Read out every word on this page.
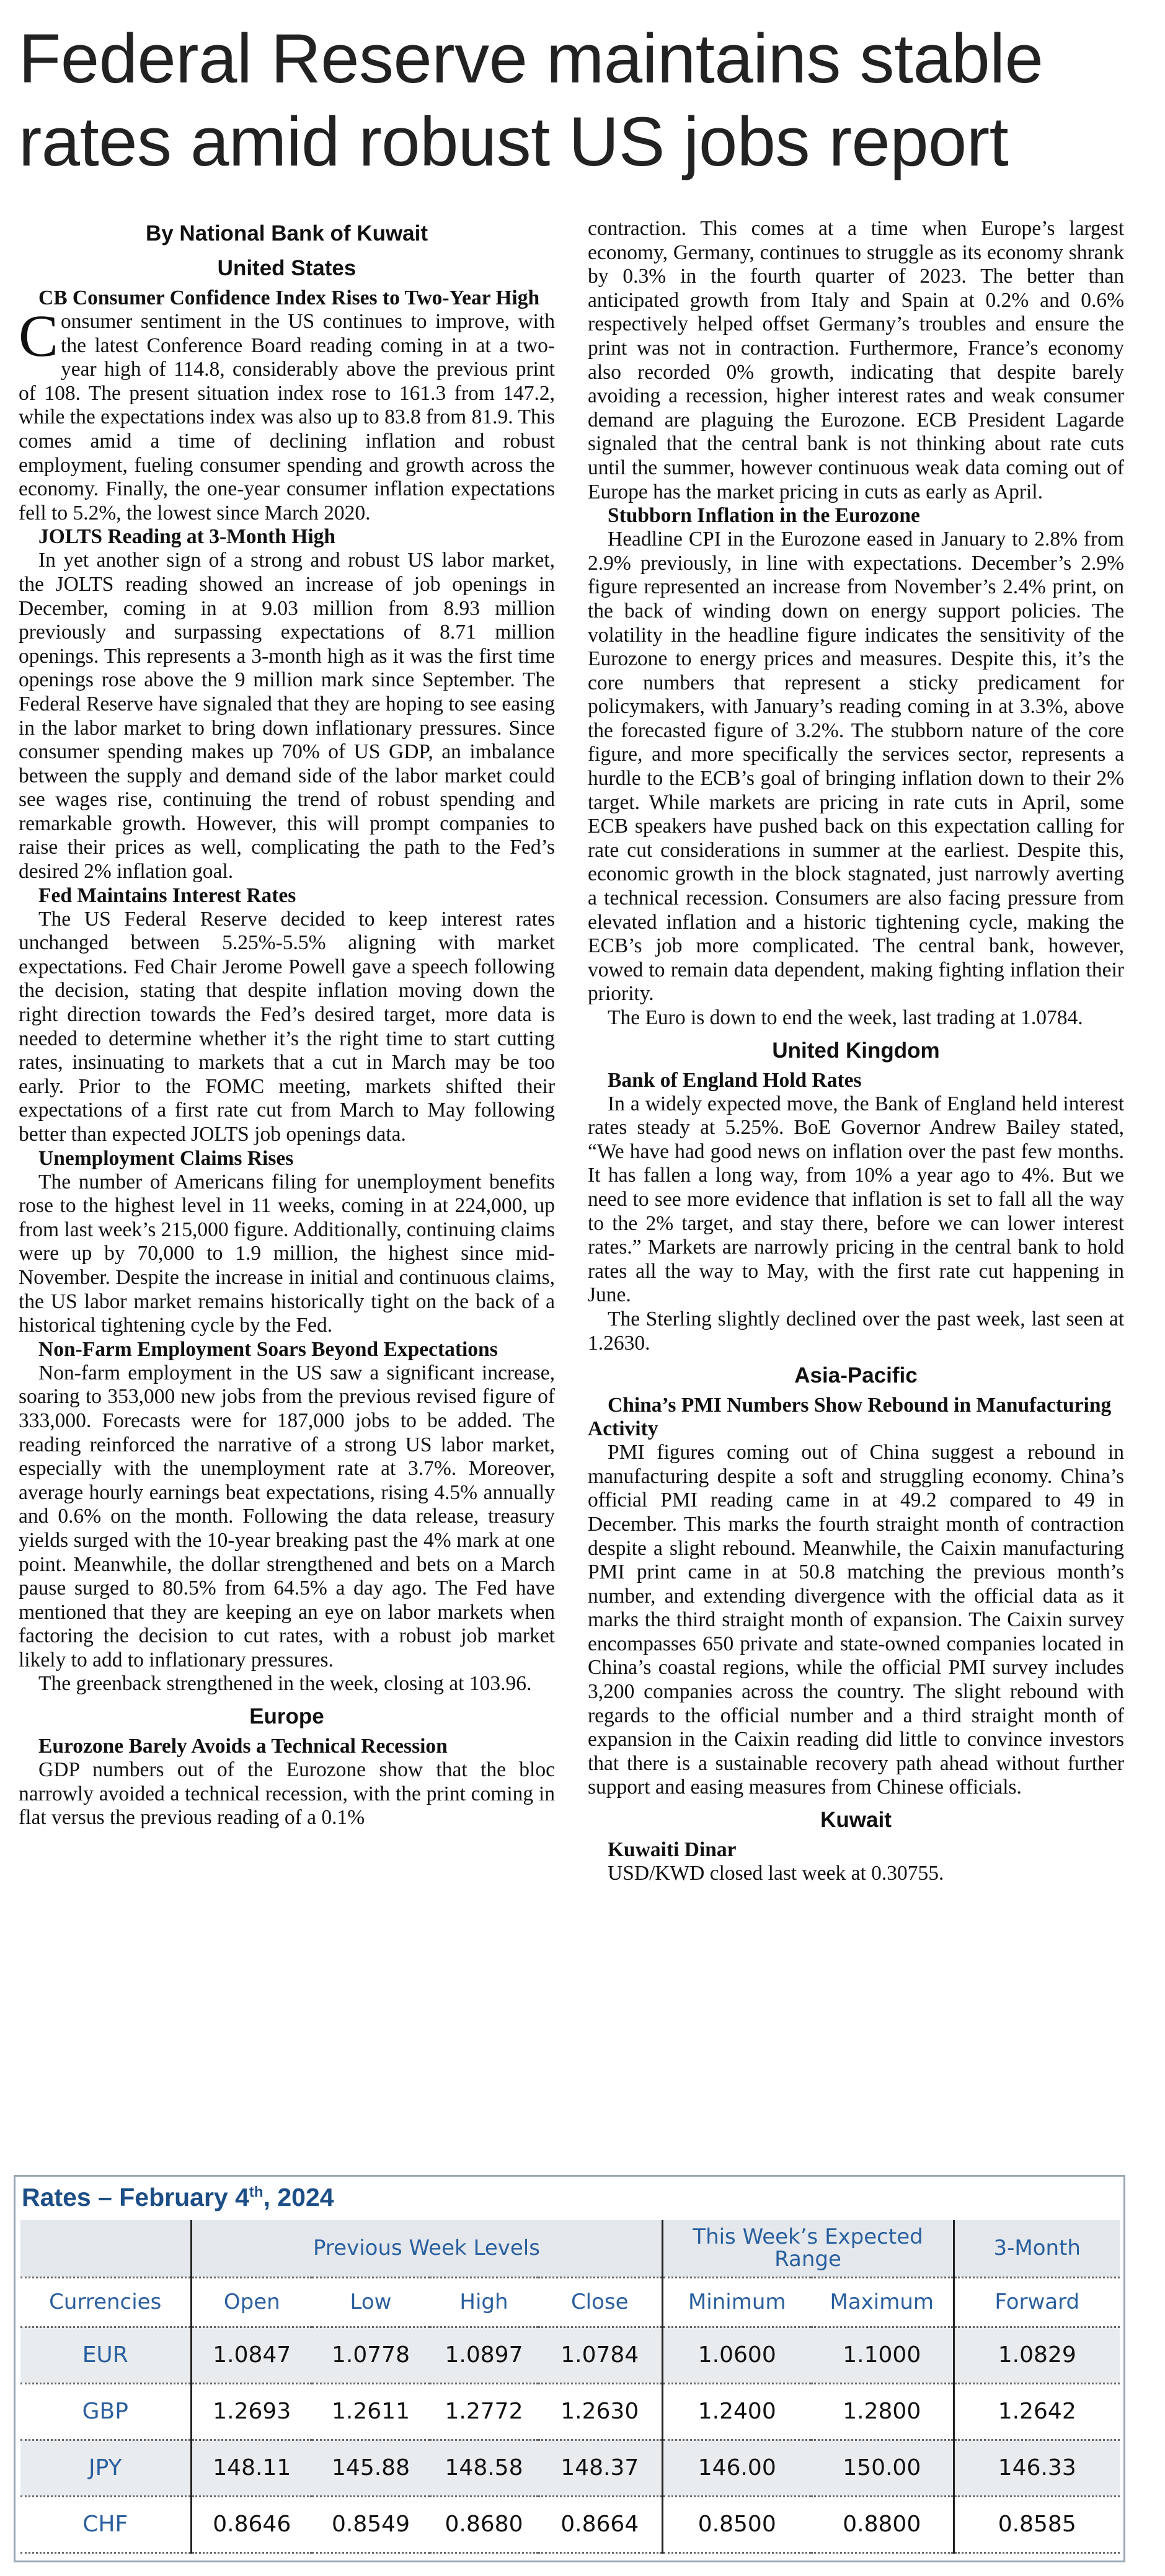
Federal Reserve maintains stable rates amid robust US jobs report
By National Bank of Kuwait
United States
CB Consumer Confidence Index Rises to Two-Year High

Consumer sentiment in the US continues to improve, with the latest Conference Board reading coming in at a two-year high of 114.8, considerably above the previous print of 108. The present situation index rose to 161.3 from 147.2, while the expectations index was also up to 83.8 from 81.9. This comes amid a time of declining inflation and robust employment, fueling consumer spending and growth across the economy. Finally, the one-year consumer inflation expectations fell to 5.2%, the lowest since March 2020.

JOLTS Reading at 3-Month High

In yet another sign of a strong and robust US labor market, the JOLTS reading showed an increase of job openings in December, coming in at 9.03 million from 8.93 million previously and surpassing expectations of 8.71 million openings. This represents a 3-month high as it was the first time openings rose above the 9 million mark since September. The Federal Reserve have signaled that they are hoping to see easing in the labor market to bring down inflationary pressures. Since consumer spending makes up 70% of US GDP, an imbalance between the supply and demand side of the labor market could see wages rise, continuing the trend of robust spending and remarkable growth. However, this will prompt companies to raise their prices as well, complicating the path to the Fed’s desired 2% inflation goal.

Fed Maintains Interest Rates

The US Federal Reserve decided to keep interest rates unchanged between 5.25%-5.5% aligning with market expectations. Fed Chair Jerome Powell gave a speech following the decision, stating that despite inflation moving down the right direction towards the Fed’s desired target, more data is needed to determine whether it’s the right time to start cutting rates, insinuating to markets that a cut in March may be too early. Prior to the FOMC meeting, markets shifted their expectations of a first rate cut from March to May following better than expected JOLTS job openings data.

Unemployment Claims Rises

The number of Americans filing for unemployment benefits rose to the highest level in 11 weeks, coming in at 224,000, up from last week’s 215,000 figure. Additionally, continuing claims were up by 70,000 to 1.9 million, the highest since mid-November. Despite the increase in initial and continuous claims, the US labor market remains historically tight on the back of a historical tightening cycle by the Fed.

Non-Farm Employment Soars Beyond Expectations

Non-farm employment in the US saw a significant increase, soaring to 353,000 new jobs from the previous revised figure of 333,000. Forecasts were for 187,000 jobs to be added. The reading reinforced the narrative of a strong US labor market, especially with the unemployment rate at 3.7%. Moreover, average hourly earnings beat expectations, rising 4.5% annually and 0.6% on the month. Following the data release, treasury yields surged with the 10-year breaking past the 4% mark at one point. Meanwhile, the dollar strengthened and bets on a March pause surged to 80.5% from 64.5% a day ago. The Fed have mentioned that they are keeping an eye on labor markets when factoring the decision to cut rates, with a robust job market likely to add to inflationary pressures.

The greenback strengthened in the week, closing at 103.96.

Europe
Eurozone Barely Avoids a Technical Recession

GDP numbers out of the Eurozone show that the bloc narrowly avoided a technical recession, with the print coming in flat versus the previous reading of a 0.1%

contraction. This comes at a time when Europe’s largest economy, Germany, continues to struggle as its economy shrank by 0.3% in the fourth quarter of 2023. The better than anticipated growth from Italy and Spain at 0.2% and 0.6% respectively helped offset Germany’s troubles and ensure the print was not in contraction. Furthermore, France’s economy also recorded 0% growth, indicating that despite barely avoiding a recession, higher interest rates and weak consumer demand are plaguing the Eurozone. ECB President Lagarde signaled that the central bank is not thinking about rate cuts until the summer, however continuous weak data coming out of Europe has the market pricing in cuts as early as April.

Stubborn Inflation in the Eurozone

Headline CPI in the Eurozone eased in January to 2.8% from 2.9% previously, in line with expectations. December’s 2.9% figure represented an increase from November’s 2.4% print, on the back of winding down on energy support policies. The volatility in the headline figure indicates the sensitivity of the Eurozone to energy prices and measures. Despite this, it’s the core numbers that represent a sticky predicament for policymakers, with January’s reading coming in at 3.3%, above the forecasted figure of 3.2%. The stubborn nature of the core figure, and more specifically the services sector, represents a hurdle to the ECB’s goal of bringing inflation down to their 2% target. While markets are pricing in rate cuts in April, some ECB speakers have pushed back on this expectation calling for rate cut considerations in summer at the earliest. Despite this, economic growth in the block stagnated, just narrowly averting a technical recession. Consumers are also facing pressure from elevated inflation and a historic tightening cycle, making the ECB’s job more complicated. The central bank, however, vowed to remain data dependent, making fighting inflation their priority.

The Euro is down to end the week, last trading at 1.0784.

United Kingdom
Bank of England Hold Rates

In a widely expected move, the Bank of England held interest rates steady at 5.25%. BoE Governor Andrew Bailey stated, “We have had good news on inflation over the past few months. It has fallen a long way, from 10% a year ago to 4%. But we need to see more evidence that inflation is set to fall all the way to the 2% target, and stay there, before we can lower interest rates.” Markets are narrowly pricing in the central bank to hold rates all the way to May, with the first rate cut happening in June.

The Sterling slightly declined over the past week, last seen at 1.2630.

Asia-Pacific
China’s PMI Numbers Show Rebound in Manufacturing Activity

PMI figures coming out of China suggest a rebound in manufacturing despite a soft and struggling economy. China’s official PMI reading came in at 49.2 compared to 49 in December. This marks the fourth straight month of contraction despite a slight rebound. Meanwhile, the Caixin manufacturing PMI print came in at 50.8 matching the previous month’s number, and extending divergence with the official data as it marks the third straight month of expansion. The Caixin survey encompasses 650 private and state-owned companies located in China’s coastal regions, while the official PMI survey includes 3,200 companies across the country. The slight rebound with regards to the official number and a third straight month of expansion in the Caixin reading did little to convince investors that there is a sustainable recovery path ahead without further support and easing measures from Chinese officials.

Kuwait
Kuwaiti Dinar

USD/KWD closed last week at 0.30755.

Rates – February 4th, 2024
	Previous Week Levels				This Week’s Expected Range		3-Month
Currencies	Open	Low	High	Close	Minimum	Maximum	Forward
EUR	1.0847	1.0778	1.0897	1.0784	1.0600	1.1000	1.0829
GBP	1.2693	1.2611	1.2772	1.2630	1.2400	1.2800	1.2642
JPY	148.11	145.88	148.58	148.37	146.00	150.00	146.33
CHF	0.8646	0.8549	0.8680	0.8664	0.8500	0.8800	0.8585
